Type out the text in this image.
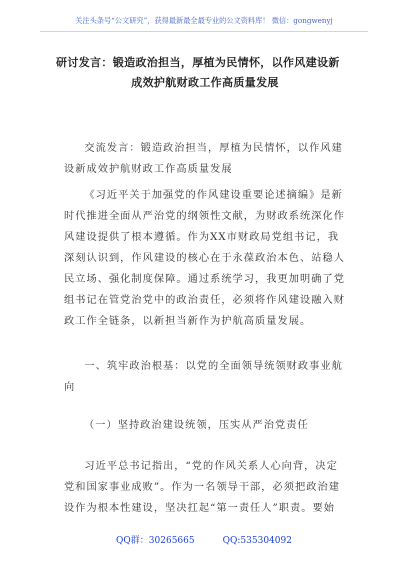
关注头条号“公文研究”，获得最新最全最专业的公文资料库！ 微信：gongwenyj
研讨发言：锻造政治担当，厚植为民情怀，以作风建设新
成效护航财政工作高质量发展
交流发言：锻造政治担当，厚植为民情怀，以作风建设新成效护航财政工作高质量发展
《习近平关于加强党的作风建设重要论述摘编》是新时代推进全面从严治党的纲领性文献，为财政系统深化作风建设提供了根本遵循。作为XX市财政局党组书记，我深刻认识到，作风建设的核心在于永葆政治本色、站稳人民立场、强化制度保障。通过系统学习，我更加明确了党组书记在管党治党中的政治责任，必须将作风建设融入财政工作全链条，以新担当新作为护航高质量发展。
一、筑牢政治根基：以党的全面领导统领财政事业航向
（一）坚持政治建设统领，压实从严治党责任
习近平总书记指出，“党的作风关系人心向背，决定党和国家事业成败”。作为一名领导干部，必须把政治建设作为根本性建设，坚决扛起“第一责任人”职责。要始
QQ群：30265665	QQ:535304092
